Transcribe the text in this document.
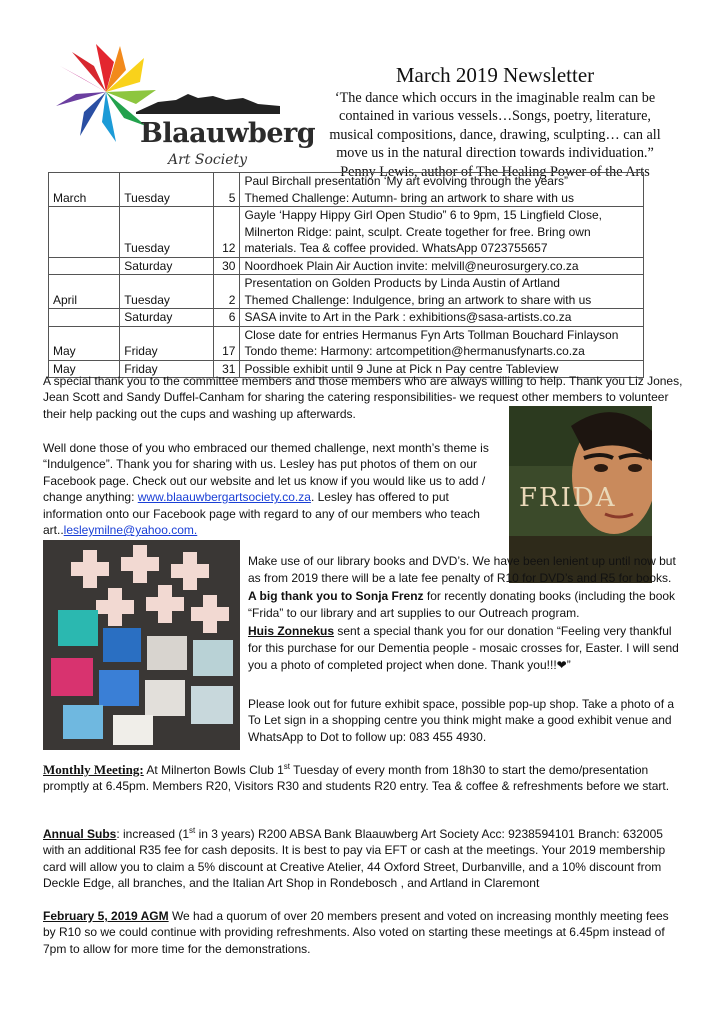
Blaauwberg
Art Society
March 2019 Newsletter
‘The dance which occurs in the imaginable realm can be
contained in various vessels…Songs, poetry, literature,
musical compositions, dance, drawing, sculpting… can all
move us in the natural direction towards individuation.”
Penny Lewis, author of The Healing Power of the Arts
March	Tuesday	5	Paul Birchall presentation ‘My art evolving through the years”
Themed Challenge: Autumn- bring an artwork to share with us

	Tuesday	12	Gayle ‘Happy Hippy Girl Open Studio” 6 to 9pm, 15 Lingfield Close,
Milnerton Ridge: paint, sculpt. Create together for free. Bring own
materials. Tea & coffee provided. WhatsApp 0723755657

	Saturday	30	Noordhoek Plain Air Auction invite: melvill@neurosurgery.co.za

April	Tuesday	2	Presentation on Golden Products by Linda Austin of Artland
Themed Challenge: Indulgence, bring an artwork to share with us

	Saturday	6	SASA invite to Art in the Park : exhibitions@sasa-artists.co.za

May	Friday	17	Close date for entries Hermanus Fyn Arts Tollman Bouchard Finlayson
Tondo theme: Harmony: artcompetition@hermanusfynarts.co.za

May	Friday	31	Possible exhibit until 9 June at Pick n Pay centre Tableview
A special thank you to the committee members and those members who are always willing to help. Thank you Liz Jones, Jean Scott and Sandy Duffel-Canham for sharing the catering responsibilities- we request other members to volunteer their help packing out the cups and washing up afterwards.
Well done those of you who embraced our themed challenge, next month’s theme is “Indulgence”. Thank you for sharing with us. Lesley has put photos of them on our Facebook page. Check out our website and let us know if you would like us to add / change anything: www.blaauwbergartsociety.co.za. Lesley has offered to put information onto our Facebook page with regard to any of our members who teach art..lesleymilne@yahoo.com.
FRIDA
Make use of our library books and DVD’s. We have been lenient up until now but as from 2019 there will be a late fee penalty of R10 for DVD’s and R5 for books. A big thank you to Sonja Frenz for recently donating books (including the book “Frida” to our library and art supplies to our Outreach program.
Huis Zonnekus sent a special thank you for our donation “Feeling very thankful for this purchase for our Dementia people - mosaic crosses for, Easter. I will send you a photo of completed project when done. Thank you!!!❤”
Please look out for future exhibit space, possible pop-up shop. Take a photo of a To Let sign in a shopping centre you think might make a good exhibit venue and WhatsApp to Dot to follow up: 083 455 4930.
Monthly Meeting: At Milnerton Bowls Club 1st Tuesday of every month from 18h30 to start the demo/presentation promptly at 6.45pm. Members R20, Visitors R30 and students R20 entry. Tea & coffee & refreshments before we start.
Annual Subs: increased (1st in 3 years) R200 ABSA Bank Blaauwberg Art Society Acc: 9238594101 Branch: 632005 with an additional R35 fee for cash deposits. It is best to pay via EFT or cash at the meetings. Your 2019 membership card will allow you to claim a 5% discount at Creative Atelier, 44 Oxford Street, Durbanville, and a 10% discount from Deckle Edge, all branches, and the Italian Art Shop in Rondebosch , and Artland in Claremont
February 5, 2019 AGM We had a quorum of over 20 members present and voted on increasing monthly meeting fees by R10 so we could continue with providing refreshments. Also voted on starting these meetings at 6.45pm instead of 7pm to allow for more time for the demonstrations.
